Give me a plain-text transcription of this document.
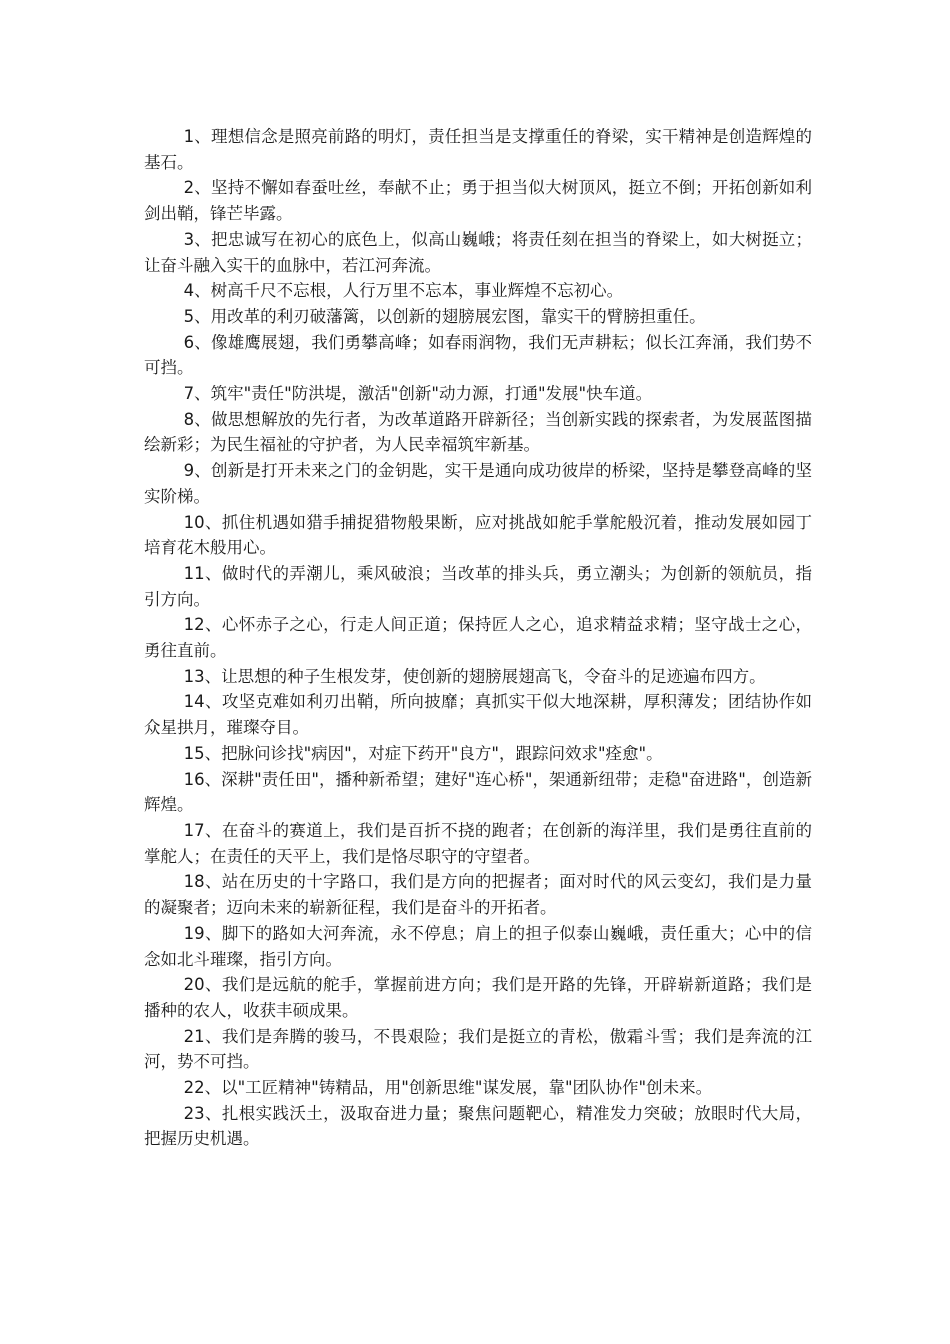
1、理想信念是照亮前路的明灯，责任担当是支撑重任的脊梁，实干精神是创造辉煌的基石。

2、坚持不懈如春蚕吐丝，奉献不止；勇于担当似大树顶风，挺立不倒；开拓创新如利剑出鞘，锋芒毕露。

3、把忠诚写在初心的底色上，似高山巍峨；将责任刻在担当的脊梁上，如大树挺立；让奋斗融入实干的血脉中，若江河奔流。

4、树高千尺不忘根，人行万里不忘本，事业辉煌不忘初心。

5、用改革的利刃破藩篱，以创新的翅膀展宏图，靠实干的臂膀担重任。

6、像雄鹰展翅，我们勇攀高峰；如春雨润物，我们无声耕耘；似长江奔涌，我们势不可挡。

7、筑牢"责任"防洪堤，激活"创新"动力源，打通"发展"快车道。

8、做思想解放的先行者，为改革道路开辟新径；当创新实践的探索者，为发展蓝图描绘新彩；为民生福祉的守护者，为人民幸福筑牢新基。

9、创新是打开未来之门的金钥匙，实干是通向成功彼岸的桥梁，坚持是攀登高峰的坚实阶梯。

10、抓住机遇如猎手捕捉猎物般果断，应对挑战如舵手掌舵般沉着，推动发展如园丁培育花木般用心。

11、做时代的弄潮儿，乘风破浪；当改革的排头兵，勇立潮头；为创新的领航员，指引方向。

12、心怀赤子之心，行走人间正道；保持匠人之心，追求精益求精；坚守战士之心，勇往直前。

13、让思想的种子生根发芽，使创新的翅膀展翅高飞，令奋斗的足迹遍布四方。

14、攻坚克难如利刃出鞘，所向披靡；真抓实干似大地深耕，厚积薄发；团结协作如众星拱月，璀璨夺目。

15、把脉问诊找"病因"，对症下药开"良方"，跟踪问效求"痊愈"。

16、深耕"责任田"，播种新希望；建好"连心桥"，架通新纽带；走稳"奋进路"，创造新辉煌。

17、在奋斗的赛道上，我们是百折不挠的跑者；在创新的海洋里，我们是勇往直前的掌舵人；在责任的天平上，我们是恪尽职守的守望者。

18、站在历史的十字路口，我们是方向的把握者；面对时代的风云变幻，我们是力量的凝聚者；迈向未来的崭新征程，我们是奋斗的开拓者。

19、脚下的路如大河奔流，永不停息；肩上的担子似泰山巍峨，责任重大；心中的信念如北斗璀璨，指引方向。

20、我们是远航的舵手，掌握前进方向；我们是开路的先锋，开辟崭新道路；我们是播种的农人，收获丰硕成果。

21、我们是奔腾的骏马，不畏艰险；我们是挺立的青松，傲霜斗雪；我们是奔流的江河，势不可挡。

22、以"工匠精神"铸精品，用"创新思维"谋发展，靠"团队协作"创未来。

23、扎根实践沃土，汲取奋进力量；聚焦问题靶心，精准发力突破；放眼时代大局，把握历史机遇。
